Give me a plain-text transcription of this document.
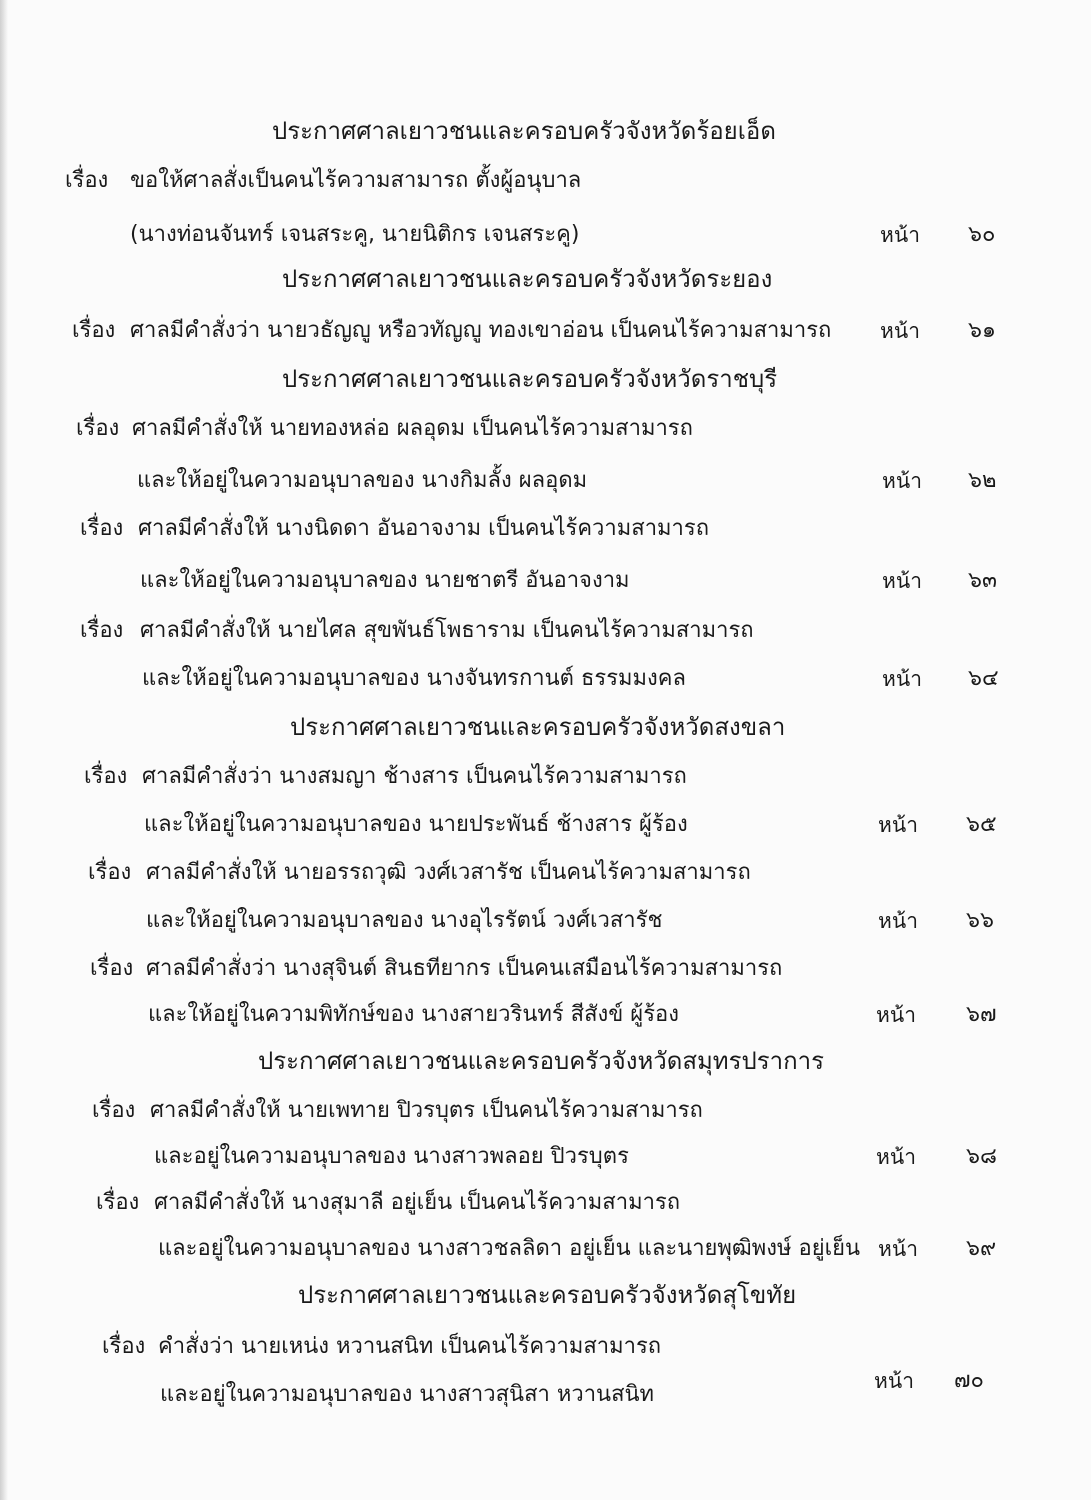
ประกาศศาลเยาวชนและครอบครัวจังหวัดร้อยเอ็ด
เรื่อง ขอให้ศาลสั่งเป็นคนไร้ความสามารถ ตั้งผู้อนุบาล
(นางท่อนจันทร์ เจนสระคู, นายนิติกร เจนสระคู)	หน้า ๖๐
ประกาศศาลเยาวชนและครอบครัวจังหวัดระยอง
เรื่อง ศาลมีคำสั่งว่า นายวธัญญู หรือวทัญญู ทองเขาอ่อน เป็นคนไร้ความสามารถ หน้า ๖๑
ประกาศศาลเยาวชนและครอบครัวจังหวัดราชบุรี
เรื่อง ศาลมีคำสั่งให้ นายทองหล่อ ผลอุดม เป็นคนไร้ความสามารถ
และให้อยู่ในความอนุบาลของ นางกิมลั้ง ผลอุดม	หน้า ๖๒
เรื่อง ศาลมีคำสั่งให้ นางนิดดา อันอาจงาม เป็นคนไร้ความสามารถ
และให้อยู่ในความอนุบาลของ นายชาตรี อันอาจงาม	หน้า ๖๓
เรื่อง ศาลมีคำสั่งให้ นายไศล สุขพันธ์โพธาราม เป็นคนไร้ความสามารถ
และให้อยู่ในความอนุบาลของ นางจันทรกานต์ ธรรมมงคล	หน้า ๖๔
ประกาศศาลเยาวชนและครอบครัวจังหวัดสงขลา
เรื่อง ศาลมีคำสั่งว่า นางสมญา ช้างสาร เป็นคนไร้ความสามารถ
และให้อยู่ในความอนุบาลของ นายประพันธ์ ช้างสาร ผู้ร้อง	หน้า ๖๕
เรื่อง ศาลมีคำสั่งให้ นายอรรถวุฒิ วงศ์เวสารัช เป็นคนไร้ความสามารถ
และให้อยู่ในความอนุบาลของ นางอุไรรัตน์ วงศ์เวสารัช	หน้า ๖๖
เรื่อง ศาลมีคำสั่งว่า นางสุจินต์ สินธทียากร เป็นคนเสมือนไร้ความสามารถ
และให้อยู่ในความพิทักษ์ของ นางสายวรินทร์ สีสังข์ ผู้ร้อง	หน้า ๖๗
ประกาศศาลเยาวชนและครอบครัวจังหวัดสมุทรปราการ
เรื่อง ศาลมีคำสั่งให้ นายเพทาย ปิวรบุตร เป็นคนไร้ความสามารถ
และอยู่ในความอนุบาลของ นางสาวพลอย ปิวรบุตร	หน้า ๖๘
เรื่อง ศาลมีคำสั่งให้ นางสุมาลี อยู่เย็น เป็นคนไร้ความสามารถ
และอยู่ในความอนุบาลของ นางสาวชลลิดา อยู่เย็น และนายพุฒิพงษ์ อยู่เย็น หน้า ๖๙
ประกาศศาลเยาวชนและครอบครัวจังหวัดสุโขทัย
เรื่อง คำสั่งว่า นายเหน่ง หวานสนิท เป็นคนไร้ความสามารถ
และอยู่ในความอนุบาลของ นางสาวสุนิสา หวานสนิท
หน้า ๗๐
